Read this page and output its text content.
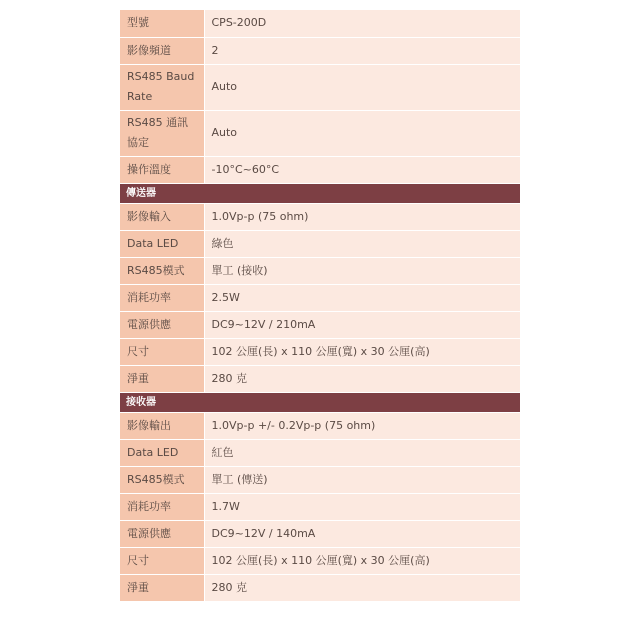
型號	CPS-200D
影像頻道	2
RS485 Baud Rate	Auto
RS485 通訊協定	Auto
操作溫度	-10°C~60°C
傳送器	
影像輸入	1.0Vp-p (75 ohm)
Data LED	綠色
RS485模式	單工 (接收)
消耗功率	2.5W
電源供應	DC9~12V / 210mA
尺寸	102 公厘(長) x 110 公厘(寬) x 30 公厘(高)
淨重	280 克
接收器	
影像輸出	1.0Vp-p +/- 0.2Vp-p (75 ohm)
Data LED	紅色
RS485模式	單工 (傳送)
消耗功率	1.7W
電源供應	DC9~12V / 140mA
尺寸	102 公厘(長) x 110 公厘(寬) x 30 公厘(高)
淨重	280 克
